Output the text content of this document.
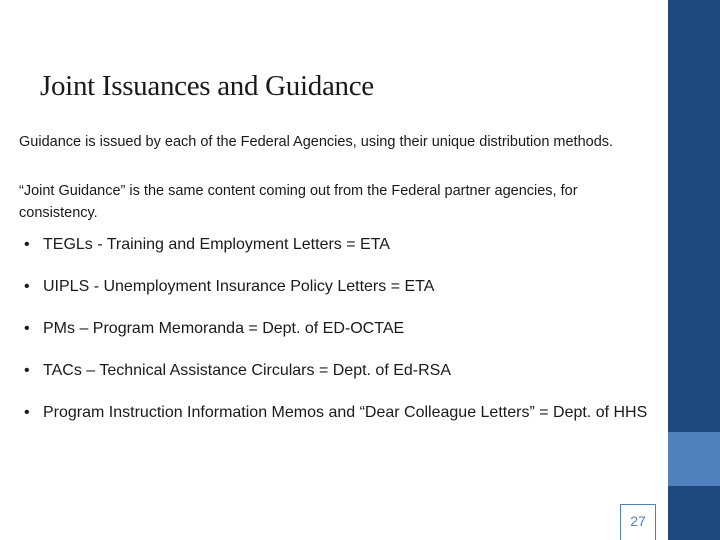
Joint Issuances and Guidance
Guidance is issued by each of the Federal Agencies, using their unique distribution methods.
“Joint Guidance” is the same content coming out from the Federal partner agencies, for consistency.
• TEGLs - Training and Employment Letters = ETA
• UIPLS - Unemployment Insurance Policy Letters = ETA
• PMs – Program Memoranda = Dept. of ED-OCTAE
• TACs – Technical Assistance Circulars = Dept. of Ed-RSA
• Program Instruction Information Memos and “Dear Colleague Letters” = Dept. of HHS
27
